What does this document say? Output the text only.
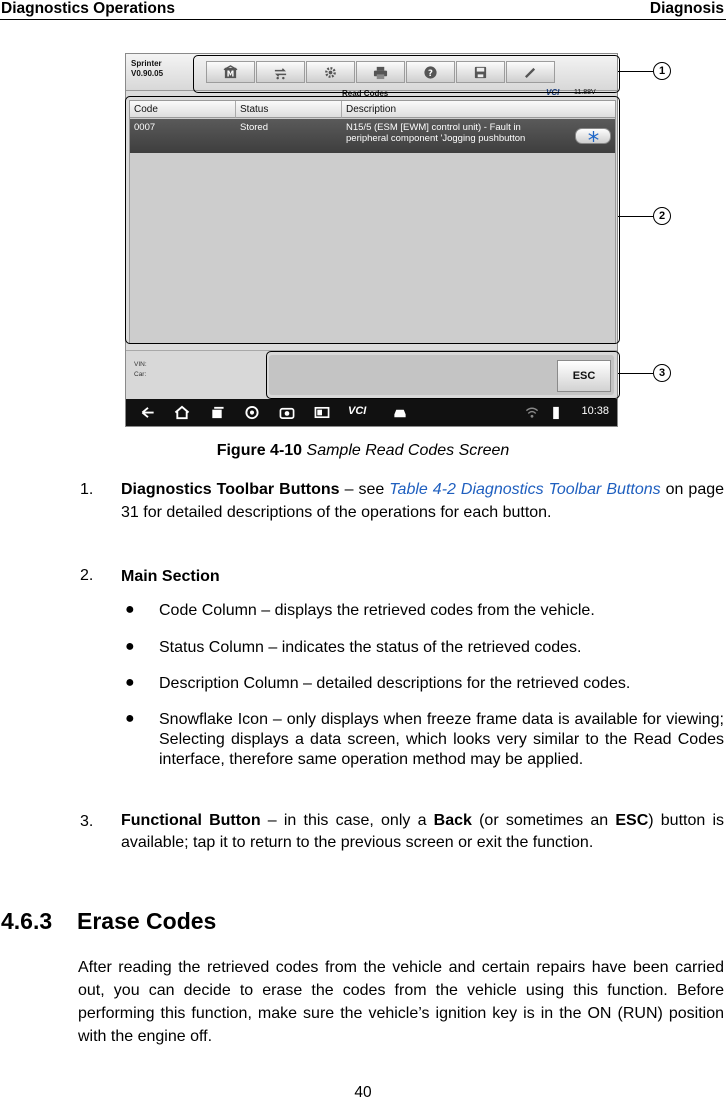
Diagnostics Operations	Diagnosis
Sprinter
V0.90.05	M	?
Read Codes	VCI 11.88V
Code	Status	Description
0007	Stored	N15/5 (ESM [EWM] control unit) - Fault in
peripheral component 'Jogging pushbutton
VIN:
Car:	ESC
VCI	10:38
1
2
3
Figure 4-10 Sample Read Codes Screen
1. Diagnostics Toolbar Buttons – see Table 4-2 Diagnostics Toolbar Buttons on page 31 for detailed descriptions of the operations for each button.
2. Main Section
● Code Column – displays the retrieved codes from the vehicle.
● Status Column – indicates the status of the retrieved codes.
● Description Column – detailed descriptions for the retrieved codes.
● Snowflake Icon – only displays when freeze frame data is available for viewing; Selecting displays a data screen, which looks very similar to the Read Codes interface, therefore same operation method may be applied.
3. Functional Button – in this case, only a Back (or sometimes an ESC) button is available; tap it to return to the previous screen or exit the function.
4.6.3 Erase Codes
After reading the retrieved codes from the vehicle and certain repairs have been carried out, you can decide to erase the codes from the vehicle using this function. Before performing this function, make sure the vehicle’s ignition key is in the ON (RUN) position with the engine off.
40
